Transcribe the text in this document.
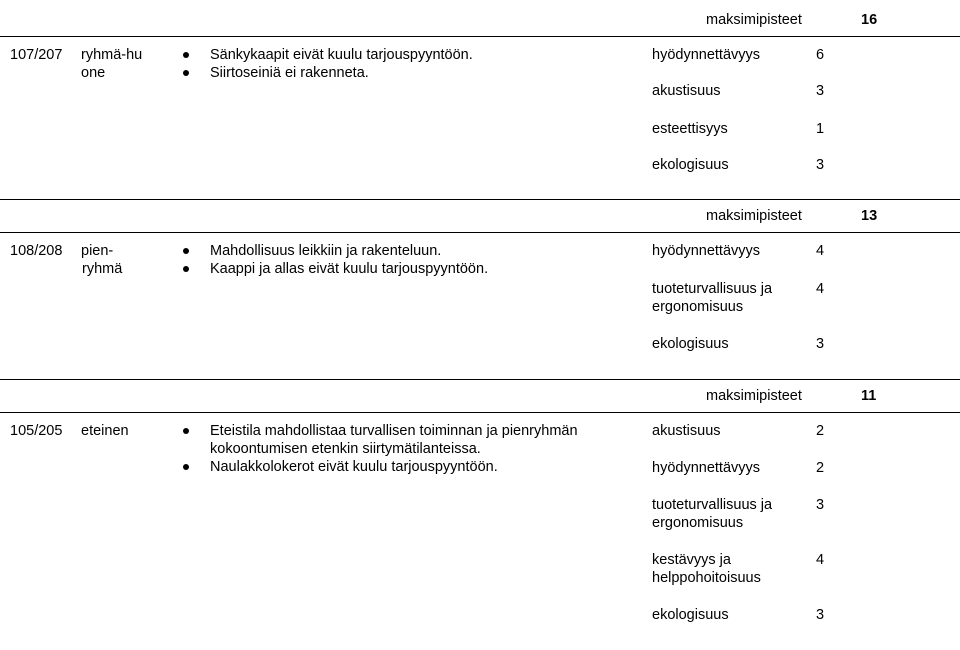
maksimipisteet	16
107/207 ryhmä-hu
one
Sänkykaapit eivät kuulu tarjouspyyntöön.
Siirtoseiniä ei rakenneta.
hyödynnettävyys	6
akustisuus	3
esteettisyys	1
ekologisuus	3
maksimipisteet	13
108/208 pien-
ryhmä
Mahdollisuus leikkiin ja rakenteluun.
Kaappi ja allas eivät kuulu tarjouspyyntöön.
hyödynnettävyys	4
tuoteturvallisuus ja
ergonomisuus
4
ekologisuus	3
maksimipisteet	11
105/205 eteinen	Eteistila mahdollistaa turvallisen toiminnan ja pienryhmän
kokoontumisen etenkin siirtymätilanteissa.
Naulakkolokerot eivät kuulu tarjouspyyntöön.
akustisuus	2
hyödynnettävyys	2
tuoteturvallisuus ja
ergonomisuus
3
kestävyys ja
helppohoitoisuus
4
ekologisuus	3
